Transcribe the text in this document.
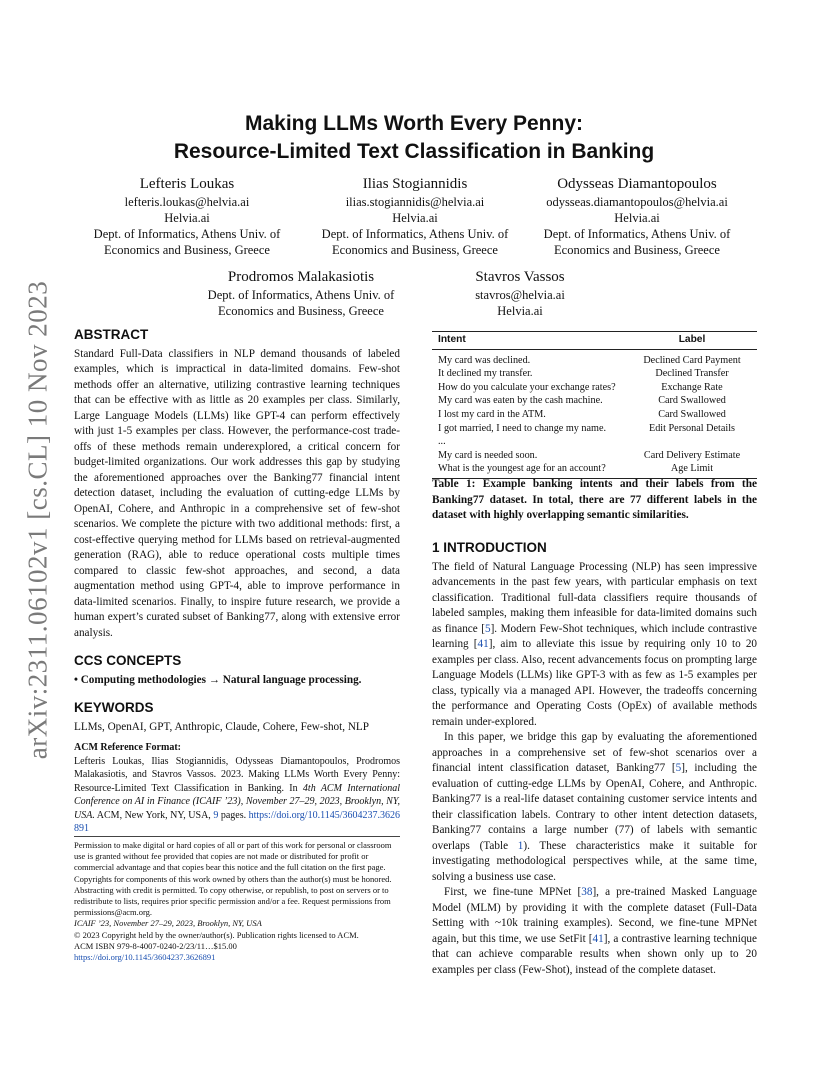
arXiv:2311.06102v1 [cs.CL] 10 Nov 2023
Making LLMs Worth Every Penny:
Resource-Limited Text Classification in Banking
Lefteris Loukas
lefteris.loukas@helvia.ai
Helvia.ai
Dept. of Informatics, Athens Univ. of
Economics and Business, Greece
Ilias Stogiannidis
ilias.stogiannidis@helvia.ai
Helvia.ai
Dept. of Informatics, Athens Univ. of
Economics and Business, Greece
Odysseas Diamantopoulos
odysseas.diamantopoulos@helvia.ai
Helvia.ai
Dept. of Informatics, Athens Univ. of
Economics and Business, Greece
Prodromos Malakasiotis
Dept. of Informatics, Athens Univ. of
Economics and Business, Greece
Stavros Vassos
stavros@helvia.ai
Helvia.ai
ABSTRACT

Standard Full-Data classifiers in NLP demand thousands of labeled examples, which is impractical in data-limited domains. Few-shot methods offer an alternative, utilizing contrastive learning techniques that can be effective with as little as 20 examples per class. Similarly, Large Language Models (LLMs) like GPT-4 can perform effectively with just 1-5 examples per class. However, the performance-cost trade-offs of these methods remain underexplored, a critical concern for budget-limited organizations. Our work addresses this gap by studying the aforementioned approaches over the Banking77 financial intent detection dataset, including the evaluation of cutting-edge LLMs by OpenAI, Cohere, and Anthropic in a comprehensive set of few-shot scenarios. We complete the picture with two additional methods: first, a cost-effective querying method for LLMs based on retrieval-augmented generation (RAG), able to reduce operational costs multiple times compared to classic few-shot approaches, and second, a data augmentation method using GPT-4, able to improve performance in data-limited scenarios. Finally, to inspire future research, we provide a human expert’s curated subset of Banking77, along with extensive error analysis.

CCS CONCEPTS

• Computing methodologies → Natural language processing.

KEYWORDS

LLMs, OpenAI, GPT, Anthropic, Claude, Cohere, Few-shot, NLP

ACM Reference Format:
Lefteris Loukas, Ilias Stogiannidis, Odysseas Diamantopoulos, Prodromos Malakasiotis, and Stavros Vassos. 2023. Making LLMs Worth Every Penny: Resource-Limited Text Classification in Banking. In 4th ACM International Conference on AI in Finance (ICAIF ’23), November 27–29, 2023, Brooklyn, NY, USA. ACM, New York, NY, USA, 9 pages. https://doi.org/10.1145/3604237.3626891
Permission to make digital or hard copies of all or part of this work for personal or classroom use is granted without fee provided that copies are not made or distributed for profit or commercial advantage and that copies bear this notice and the full citation on the first page. Copyrights for components of this work owned by others than the author(s) must be honored. Abstracting with credit is permitted. To copy otherwise, or republish, to post on servers or to redistribute to lists, requires prior specific permission and/or a fee. Request permissions from permissions@acm.org.
ICAIF ’23, November 27–29, 2023, Brooklyn, NY, USA
© 2023 Copyright held by the owner/author(s). Publication rights licensed to ACM.
ACM ISBN 979-8-4007-0240-2/23/11…$15.00
https://doi.org/10.1145/3604237.3626891
Intent	Label
My card was declined.	Declined Card Payment
It declined my transfer.	Declined Transfer
How do you calculate your exchange rates?	Exchange Rate
My card was eaten by the cash machine.	Card Swallowed
I lost my card in the ATM.	Card Swallowed
I got married, I need to change my name.	Edit Personal Details
...
My card is needed soon.	Card Delivery Estimate
What is the youngest age for an account?	Age Limit
Table 1: Example banking intents and their labels from the Banking77 dataset. In total, there are 77 different labels in the dataset with highly overlapping semantic similarities.
1 INTRODUCTION

The field of Natural Language Processing (NLP) has seen impressive advancements in the past few years, with particular emphasis on text classification. Traditional full-data classifiers require thousands of labeled samples, making them infeasible for data-limited domains such as finance [5]. Modern Few-Shot techniques, which include contrastive learning [41], aim to alleviate this issue by requiring only 10 to 20 examples per class. Also, recent advancements focus on prompting large Language Models (LLMs) like GPT-3 with as few as 1-5 examples per class, typically via a managed API. However, the tradeoffs concerning the performance and Operating Costs (OpEx) of available methods remain under-explored.

In this paper, we bridge this gap by evaluating the aforementioned approaches in a comprehensive set of few-shot scenarios over a financial intent classification dataset, Banking77 [5], including the evaluation of cutting-edge LLMs by OpenAI, Cohere, and Anthropic. Banking77 is a real-life dataset containing customer service intents and their classification labels. Contrary to other intent detection datasets, Banking77 contains a large number (77) of labels with semantic overlaps (Table 1). These characteristics make it suitable for investigating methodological perspectives while, at the same time, solving a business use case.

First, we fine-tune MPNet [38], a pre-trained Masked Language Model (MLM) by providing it with the complete dataset (Full-Data Setting with ~10k training examples). Second, we fine-tune MPNet again, but this time, we use SetFit [41], a contrastive learning technique that can achieve comparable results when shown only up to 20 examples per class (Few-Shot), instead of the complete dataset.
